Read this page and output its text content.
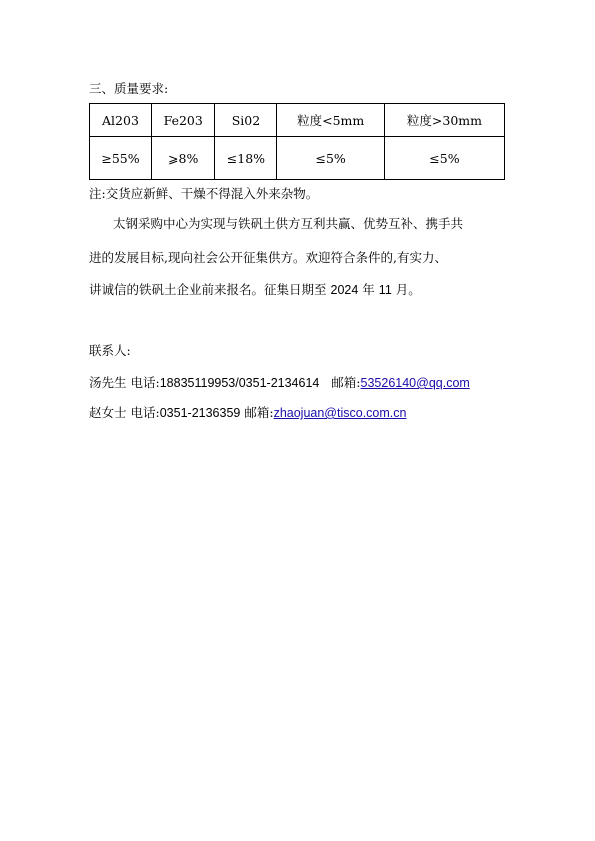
三、质量要求:
Al203	Fe203	Si02	粒度<5mm	粒度>30mm
≥55%	⩾8%	≤18%	≤5%	≤5%
注:交货应新鲜、干燥不得混入外来杂物。
太钢采购中心为实现与铁矾土供方互利共赢、优势互补、携手共
进的发展目标,现向社会公开征集供方。欢迎符合条件的,有实力、
讲诚信的铁矾土企业前来报名。征集日期至 2024 年 11 月。
联系人:
汤先生 电话:18835119953/0351-2134614 邮箱:53526140@qq.com
赵女士 电话:0351-2136359 邮箱:zhaojuan@tisco.com.cn
